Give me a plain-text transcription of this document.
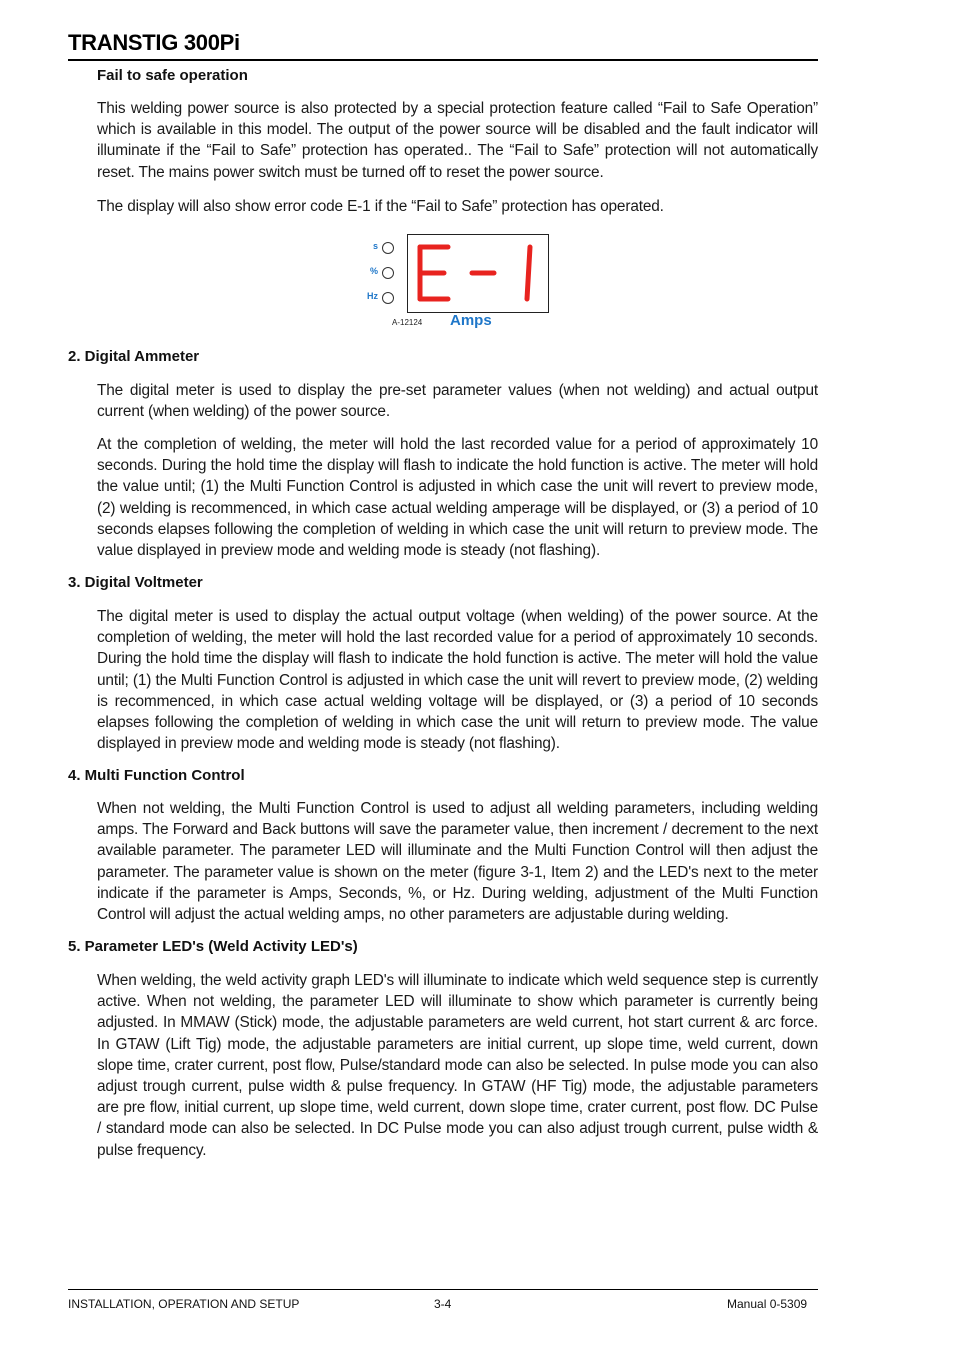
TRANSTIG 300Pi
Fail to safe operation
This welding power source is also protected by a special protection feature called “Fail to Safe Operation” which is available in this model. The output of the power source will be disabled and the fault indicator will illuminate if the “Fail to Safe” protection has operated.. The “Fail to Safe” protection will not automatically reset. The mains power switch must be turned off to reset the power source.
The display will also show error code E-1 if the “Fail to Safe” protection has operated.
s
%
Hz
A-12124 Amps
2. Digital Ammeter
The digital meter is used to display the pre-set parameter values (when not welding) and actual output current (when welding) of the power source.
At the completion of welding, the meter will hold the last recorded value for a period of approximately 10 seconds. During the hold time the display will flash to indicate the hold function is active. The meter will hold the value until; (1) the Multi Function Control is adjusted in which case the unit will revert to preview mode, (2) welding is recommenced, in which case actual welding amperage will be displayed, or (3) a period of 10 seconds elapses following the completion of welding in which case the unit will return to preview mode. The value displayed in preview mode and welding mode is steady (not flashing).
3. Digital Voltmeter
The digital meter is used to display the actual output voltage (when welding) of the power source. At the completion of welding, the meter will hold the last recorded value for a period of approximately 10 seconds. During the hold time the display will flash to indicate the hold function is active. The meter will hold the value until; (1) the Multi Function Control is adjusted in which case the unit will revert to preview mode, (2) welding is recommenced, in which case actual welding voltage will be displayed, or (3) a period of 10 seconds elapses following the completion of welding in which case the unit will return to preview mode. The value displayed in preview mode and welding mode is steady (not flashing).
4. Multi Function Control
When not welding, the Multi Function Control is used to adjust all welding parameters, including welding amps. The Forward and Back buttons will save the parameter value, then increment / decrement to the next available parameter. The parameter LED will illuminate and the Multi Function Control will then adjust the parameter. The parameter value is shown on the meter (figure 3-1, Item 2) and the LED's next to the meter indicate if the parameter is Amps, Seconds, %, or Hz. During welding, adjustment of the Multi Function Control will adjust the actual welding amps, no other parameters are adjustable during welding.
5. Parameter LED's (Weld Activity LED's)
When welding, the weld activity graph LED's will illuminate to indicate which weld sequence step is currently active. When not welding, the parameter LED will illuminate to show which parameter is currently being adjusted. In MMAW (Stick) mode, the adjustable parameters are weld current, hot start current & arc force. In GTAW (Lift Tig) mode, the adjustable parameters are initial current, up slope time, weld current, down slope time, crater current, post flow, Pulse/standard mode can also be selected. In pulse mode you can also adjust trough current, pulse width & pulse frequency. In GTAW (HF Tig) mode, the adjustable parameters are pre flow, initial current, up slope time, weld current, down slope time, crater current, post flow. DC Pulse / standard mode can also be selected. In DC Pulse mode you can also adjust trough current, pulse width & pulse frequency.
INSTALLATION, OPERATION AND SETUP	3-4	Manual 0-5309
